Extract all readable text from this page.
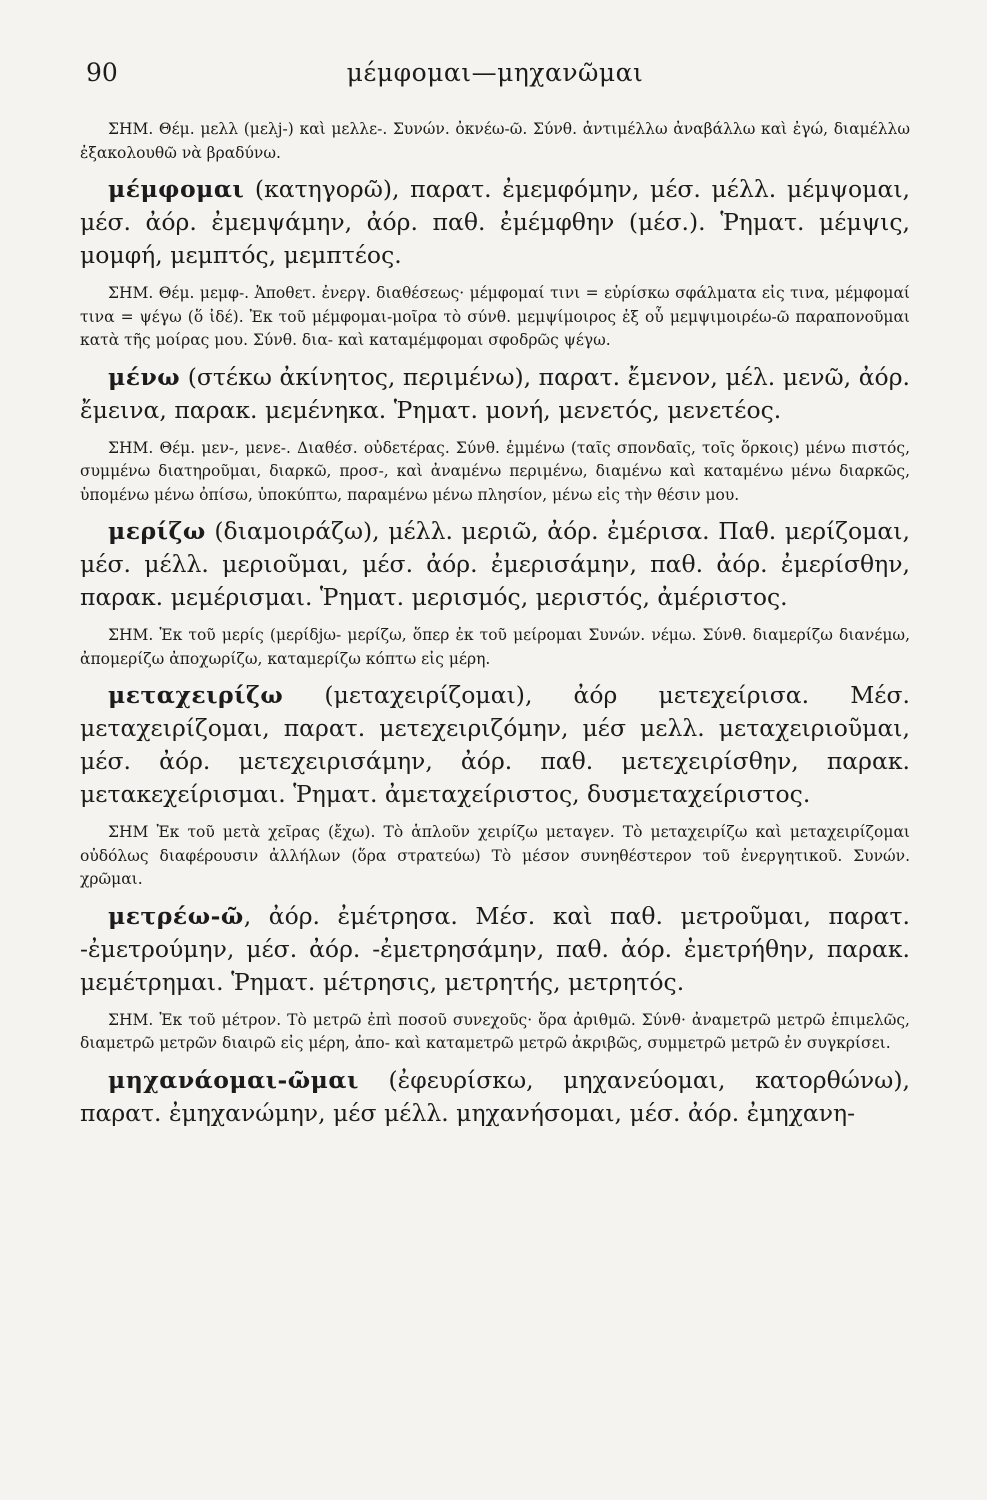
90	μέμφομαι—μηχανῶμαι

ΣΗΜ. Θέμ. μελλ (μελj-) καὶ μελλε-. Συνών. ὀκνέω-ῶ. Σύνθ. ἀντιμέλλω ἀναβάλλω καὶ ἐγώ, διαμέλλω ἐξακολουθῶ νὰ βραδύνω.

μέμφομαι (κατηγορῶ), παρατ. ἐμεμφόμην, μέσ. μέλλ. μέμψομαι, μέσ. ἀόρ. ἐμεμψάμην, ἀόρ. παθ. ἐμέμφθην (μέσ.). Ῥηματ. μέμψις, μομφή, μεμπτός, μεμπτέος.

ΣΗΜ. Θέμ. μεμφ-. Ἀποθετ. ἐνεργ. διαθέσεως· μέμφομαί τινι = εὑρίσκω σφάλματα εἰς τινα, μέμφομαί τινα = ψέγω (ὅ ἰδέ). Ἐκ τοῦ μέμφομαι-μοῖρα τὸ σύνθ. μεμψίμοιρος ἐξ οὗ μεμψιμοιρέω-ῶ παραπονοῦμαι κατὰ τῆς μοίρας μου. Σύνθ. δια- καὶ καταμέμφομαι σφοδρῶς ψέγω.

μένω (στέκω ἀκίνητος, περιμένω), παρατ. ἔμενον, μέλ. μενῶ, ἀόρ. ἔμεινα, παρακ. μεμένηκα. Ῥηματ. μονή, μενετός, μενετέος.

ΣΗΜ. Θέμ. μεν-, μενε-. Διαθέσ. οὐδετέρας. Σύνθ. ἐμμένω (ταῖς σπονδαῖς, τοῖς ὅρκοις) μένω πιστός, συμμένω διατηροῦμαι, διαρκῶ, προσ-, καὶ ἀναμένω περιμένω, διαμένω καὶ καταμένω μένω διαρκῶς, ὑπομένω μένω ὀπίσω, ὑποκύπτω, παραμένω μένω πλησίον, μένω εἰς τὴν θέσιν μου.

μερίζω (διαμοιράζω), μέλλ. μεριῶ, ἀόρ. ἐμέρισα. Παθ. μερίζομαι, μέσ. μέλλ. μεριοῦμαι, μέσ. ἀόρ. ἐμερισάμην, παθ. ἀόρ. ἐμερίσθην, παρακ. μεμέρισμαι. Ῥηματ. μερισμός, μεριστός, ἀμέριστος.

ΣΗΜ. Ἐκ τοῦ μερίς (μερίδjω- μερίζω, ὅπερ ἐκ τοῦ μείρομαι Συνών. νέμω. Σύνθ. διαμερίζω διανέμω, ἀπομερίζω ἀποχωρίζω, καταμερίζω κόπτω εἰς μέρη.

μεταχειρίζω (μεταχειρίζομαι), ἀόρ μετεχείρισα. Μέσ. μεταχειρίζομαι, παρατ. μετεχειριζόμην, μέσ μελλ. μεταχειριοῦμαι, μέσ. ἀόρ. μετεχειρισάμην, ἀόρ. παθ. μετεχειρίσθην, παρακ. μετακεχείρισμαι. Ῥηματ. ἀμεταχείριστος, δυσμεταχείριστος.

ΣΗΜ Ἐκ τοῦ μετὰ χεῖρας (ἔχω). Τὸ ἁπλοῦν χειρίζω μεταγεν. Τὸ μεταχειρίζω καὶ μεταχειρίζομαι οὐδόλως διαφέρουσιν ἀλλήλων (ὅρα στρατεύω) Τὸ μέσον συνηθέστερον τοῦ ἐνεργητικοῦ. Συνών. χρῶμαι.

μετρέω-ῶ, ἀόρ. ἐμέτρησα. Μέσ. καὶ παθ. μετροῦμαι, παρατ. -ἐμετρούμην, μέσ. ἀόρ. -ἐμετρησάμην, παθ. ἀόρ. ἐμετρήθην, παρακ. μεμέτρημαι. Ῥηματ. μέτρησις, μετρητής, μετρητός.

ΣΗΜ. Ἐκ τοῦ μέτρον. Τὸ μετρῶ ἐπὶ ποσοῦ συνεχοῦς· ὅρα ἀριθμῶ. Σύνθ· ἀναμετρῶ μετρῶ ἐπιμελῶς, διαμετρῶ μετρῶν διαιρῶ εἰς μέρη, ἀπο- καὶ καταμετρῶ μετρῶ ἀκριβῶς, συμμετρῶ μετρῶ ἐν συγκρίσει.

μηχανάομαι-ῶμαι (ἐφευρίσκω, μηχανεύομαι, κατορθώνω), παρατ. ἐμηχανώμην, μέσ μέλλ. μηχανήσομαι, μέσ. ἀόρ. ἐμηχανη-
